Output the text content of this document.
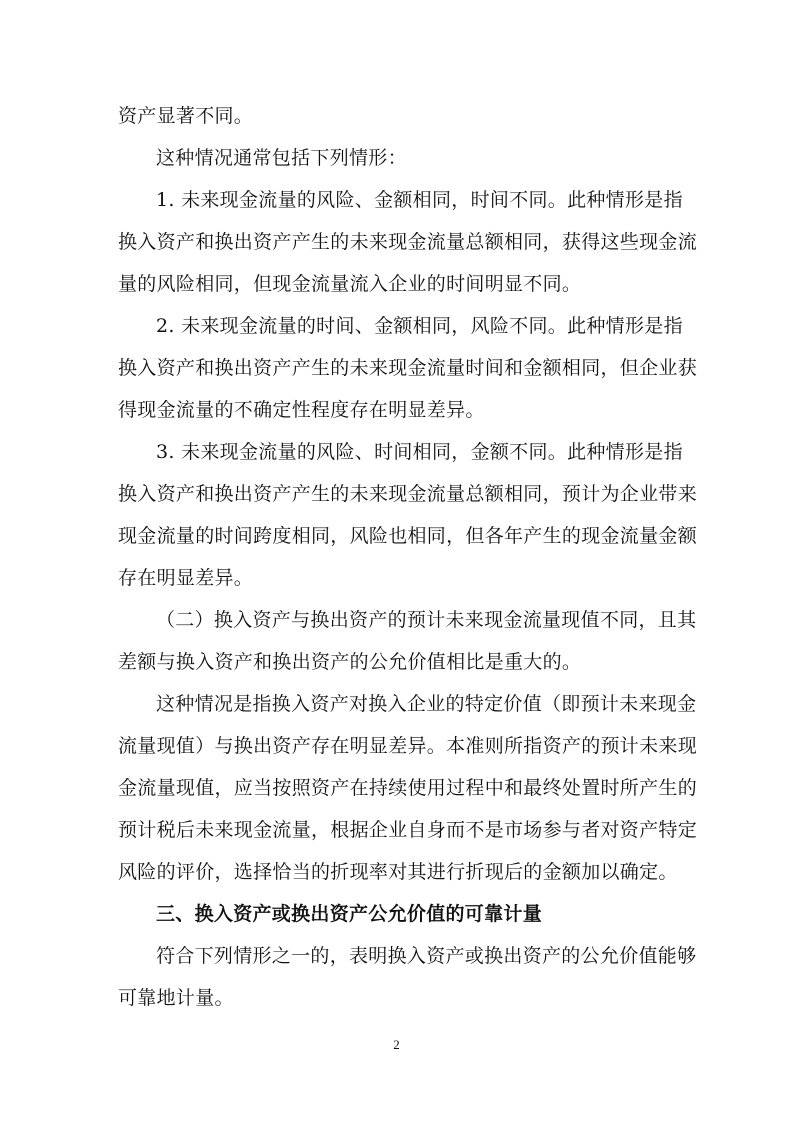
资产显著不同。
这种情况通常包括下列情形：
1. 未来现金流量的风险、金额相同，时间不同。此种情形是指
换入资产和换出资产产生的未来现金流量总额相同，获得这些现金流
量的风险相同，但现金流量流入企业的时间明显不同。
2. 未来现金流量的时间、金额相同，风险不同。此种情形是指
换入资产和换出资产产生的未来现金流量时间和金额相同，但企业获
得现金流量的不确定性程度存在明显差异。
3. 未来现金流量的风险、时间相同，金额不同。此种情形是指
换入资产和换出资产产生的未来现金流量总额相同，预计为企业带来
现金流量的时间跨度相同，风险也相同，但各年产生的现金流量金额
存在明显差异。
（二）换入资产与换出资产的预计未来现金流量现值不同，且其
差额与换入资产和换出资产的公允价值相比是重大的。
这种情况是指换入资产对换入企业的特定价值（即预计未来现金
流量现值）与换出资产存在明显差异。本准则所指资产的预计未来现
金流量现值，应当按照资产在持续使用过程中和最终处置时所产生的
预计税后未来现金流量，根据企业自身而不是市场参与者对资产特定
风险的评价，选择恰当的折现率对其进行折现后的金额加以确定。
三、换入资产或换出资产公允价值的可靠计量
符合下列情形之一的，表明换入资产或换出资产的公允价值能够
可靠地计量。
2
